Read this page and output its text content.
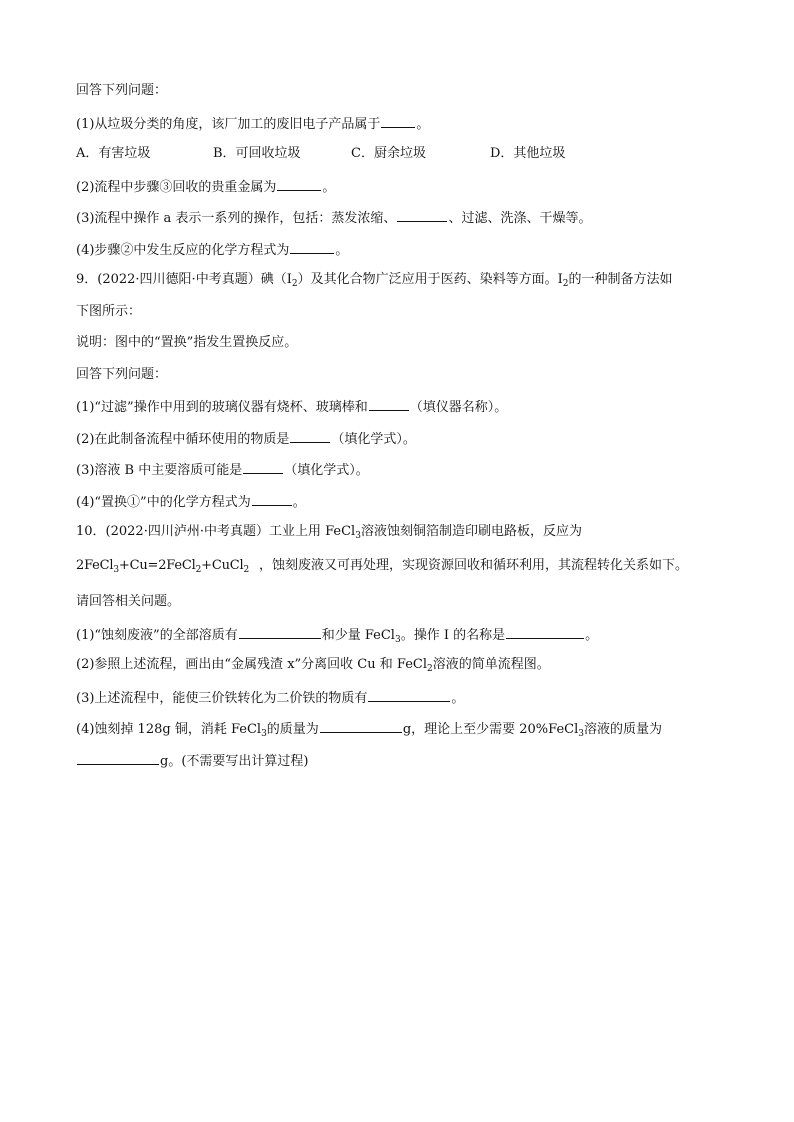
回答下列问题：
(1)从垃圾分类的角度，该厂加工的废旧电子产品属于	。
A．有害垃圾	B．可回收垃圾	C．厨余垃圾	D．其他垃圾
(2)流程中步骤③回收的贵重金属为	。
(3)流程中操作 a 表示一系列的操作，包括：蒸发浓缩、	、过滤、洗涤、干燥等。
(4)步骤②中发生反应的化学方程式为	。
9．(2022·四川德阳·中考真题）碘$(I_2)$及其化合物广泛应用于医药、染料等方面。$I_2$的一种制备方法如
下图所示：
说明：图中的“置换”指发生置换反应。
回答下列问题：
(1)“过滤”操作中用到的玻璃仪器有烧杯、玻璃棒和	（填仪器名称）。
(2)在此制备流程中循环使用的物质是	（填化学式）。
(3)溶液 B 中主要溶质可能是	（填化学式）。
(4)“置换①”中的化学方程式为	。
10．(2022·四川泸州·中考真题）工业上用 FeCl$_3$溶液蚀刻铜箔制造印刷电路板，反应为
2FeCl$_3$+Cu=2FeCl$_2$+CuCl$_2$ ，蚀刻废液又可再处理，实现资源回收和循环利用，其流程转化关系如下。
请回答相关问题。
(1)“蚀刻废液”的全部溶质有	和少量 FeCl$_3$。操作 I 的名称是	。
(2)参照上述流程，画出由“金属残渣 x”分离回收 Cu 和 FeCl$_2$溶液的简单流程图。
(3)上述流程中，能使三价铁转化为二价铁的物质有	。
(4)蚀刻掉 128g 铜，消耗 FeCl$_3$的质量为	g，理论上至少需要 20%FeCl$_3$溶液的质量为
g。(不需要写出计算过程)
